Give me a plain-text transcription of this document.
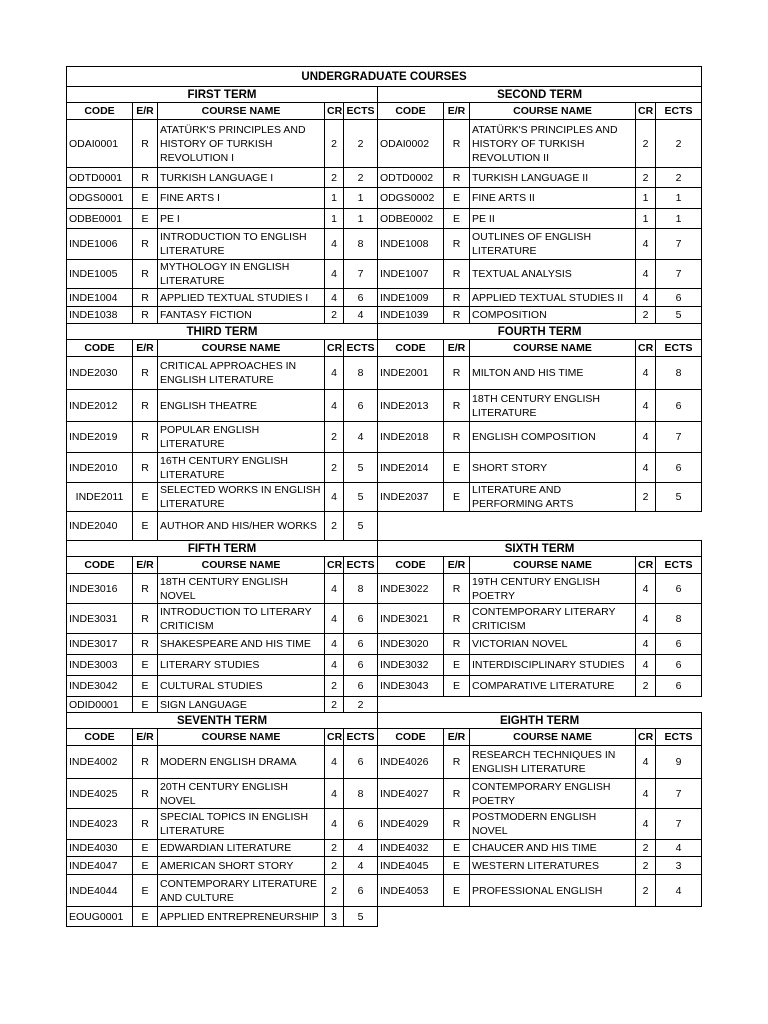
UNDERGRADUATE COURSES									
FIRST TERM					SECOND TERM				
CODE	E/R	COURSE NAME	CR	ECTS	CODE	E/R	COURSE NAME	CR	ECTS
ODAI0001	R	ATATÜRK'S PRINCIPLES AND HISTORY OF TURKISH REVOLUTION I	2	2	ODAI0002	R	ATATÜRK'S PRINCIPLES AND HISTORY OF TURKISH REVOLUTION II	2	2
ODTD0001	R	TURKISH LANGUAGE I	2	2	ODTD0002	R	TURKISH LANGUAGE II	2	2
ODGS0001	E	FINE ARTS I	1	1	ODGS0002	E	FINE ARTS II	1	1
ODBE0001	E	PE I	1	1	ODBE0002	E	PE II	1	1
INDE1006	R	INTRODUCTION TO ENGLISH LITERATURE	4	8	INDE1008	R	OUTLINES OF ENGLISH LITERATURE	4	7
INDE1005	R	MYTHOLOGY IN ENGLISH LITERATURE	4	7	INDE1007	R	TEXTUAL ANALYSIS	4	7
INDE1004	R	APPLIED TEXTUAL STUDIES I	4	6	INDE1009	R	APPLIED TEXTUAL STUDIES II	4	6
INDE1038	R	FANTASY FICTION	2	4	INDE1039	R	COMPOSITION	2	5
THIRD TERM					FOURTH TERM				
CODE	E/R	COURSE NAME	CR	ECTS	CODE	E/R	COURSE NAME	CR	ECTS
INDE2030	R	CRITICAL APPROACHES IN ENGLISH LITERATURE	4	8	INDE2001	R	MILTON AND HIS TIME	4	8
INDE2012	R	ENGLISH THEATRE	4	6	INDE2013	R	18TH CENTURY ENGLISH LITERATURE	4	6
INDE2019	R	POPULAR ENGLISH LITERATURE	2	4	INDE2018	R	ENGLISH COMPOSITION	4	7
INDE2010	R	16TH CENTURY ENGLISH LITERATURE	2	5	INDE2014	E	SHORT STORY	4	6
INDE2011	E	SELECTED WORKS IN ENGLISH LITERATURE	4	5	INDE2037	E	LITERATURE AND PERFORMING ARTS	2	5
INDE2040	E	AUTHOR AND HIS/HER WORKS	2	5					
FIFTH TERM					SIXTH TERM				
CODE	E/R	COURSE NAME	CR	ECTS	CODE	E/R	COURSE NAME	CR	ECTS
INDE3016	R	18TH CENTURY ENGLISH NOVEL	4	8	INDE3022	R	19TH CENTURY ENGLISH POETRY	4	6
INDE3031	R	INTRODUCTION TO LITERARY CRITICISM	4	6	INDE3021	R	CONTEMPORARY LITERARY CRITICISM	4	8
INDE3017	R	SHAKESPEARE AND HIS TIME	4	6	INDE3020	R	VICTORIAN NOVEL	4	6
INDE3003	E	LITERARY STUDIES	4	6	INDE3032	E	INTERDISCIPLINARY STUDIES	4	6
INDE3042	E	CULTURAL STUDIES	2	6	INDE3043	E	COMPARATIVE LITERATURE	2	6
ODID0001	E	SIGN LANGUAGE	2	2					
SEVENTH TERM					EIGHTH TERM				
CODE	E/R	COURSE NAME	CR	ECTS	CODE	E/R	COURSE NAME	CR	ECTS
INDE4002	R	MODERN ENGLISH DRAMA	4	6	INDE4026	R	RESEARCH TECHNIQUES IN ENGLISH LITERATURE	4	9
INDE4025	R	20TH CENTURY ENGLISH NOVEL	4	8	INDE4027	R	CONTEMPORARY ENGLISH POETRY	4	7
INDE4023	R	SPECIAL TOPICS IN ENGLISH LITERATURE	4	6	INDE4029	R	POSTMODERN ENGLISH NOVEL	4	7
INDE4030	E	EDWARDIAN LITERATURE	2	4	INDE4032	E	CHAUCER AND HIS TIME	2	4
INDE4047	E	AMERICAN SHORT STORY	2	4	INDE4045	E	WESTERN LITERATURES	2	3
INDE4044	E	CONTEMPORARY LITERATURE AND CULTURE	2	6	INDE4053	E	PROFESSIONAL ENGLISH	2	4
EOUG0001	E	APPLIED ENTREPRENEURSHIP	3	5					
